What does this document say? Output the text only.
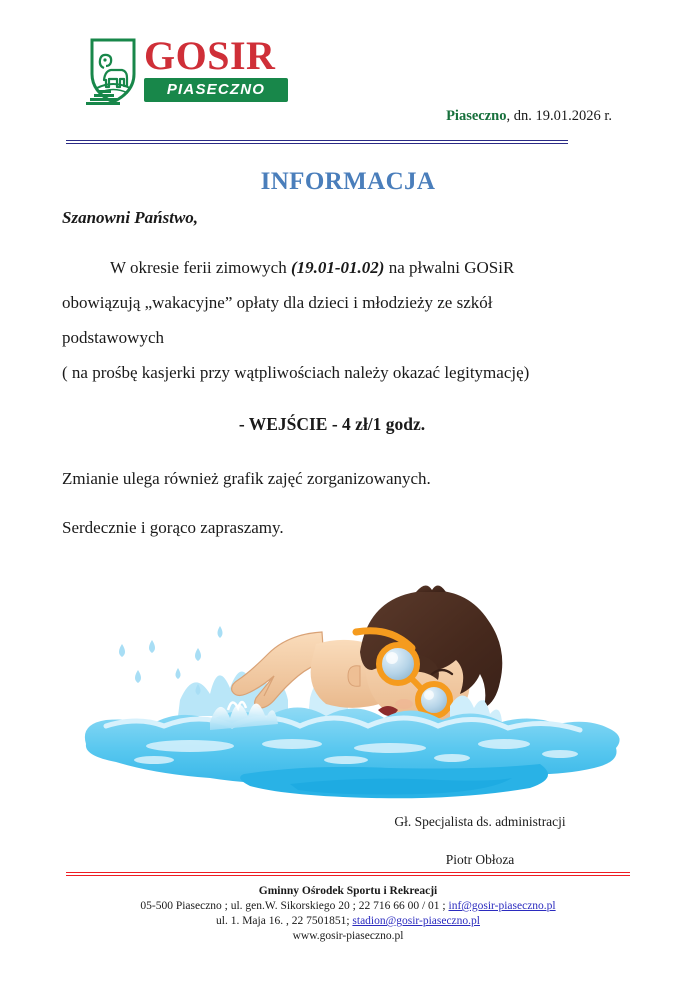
GOSIR
PIASECZNO
Piaseczno, dn. 19.01.2026 r.
INFORMACJA

Szanowni Państwo,

W okresie ferii zimowych (19.01-01.02) na płwalni GOSiR

obowiązują „wakacyjne” opłaty dla dzieci i młodzieży ze szkół

podstawowych

( na prośbę kasjerki przy wątpliwościach należy okazać legitymację)

- WEJŚCIE - 4 zł/1 godz.

Zmianie ulega również grafik zajęć zorganizowanych.

Serdecznie i gorąco zapraszamy.

Gł. Specjalista ds. administracji

Piotr Obłoza

Gminny Ośrodek Sportu i Rekreacji
05-500 Piaseczno ; ul. gen.W. Sikorskiego 20 ; 22 716 66 00 / 01 ; inf@gosir-piaseczno.pl
ul. 1. Maja 16. , 22 7501851; stadion@gosir-piaseczno.pl
www.gosir-piaseczno.pl
